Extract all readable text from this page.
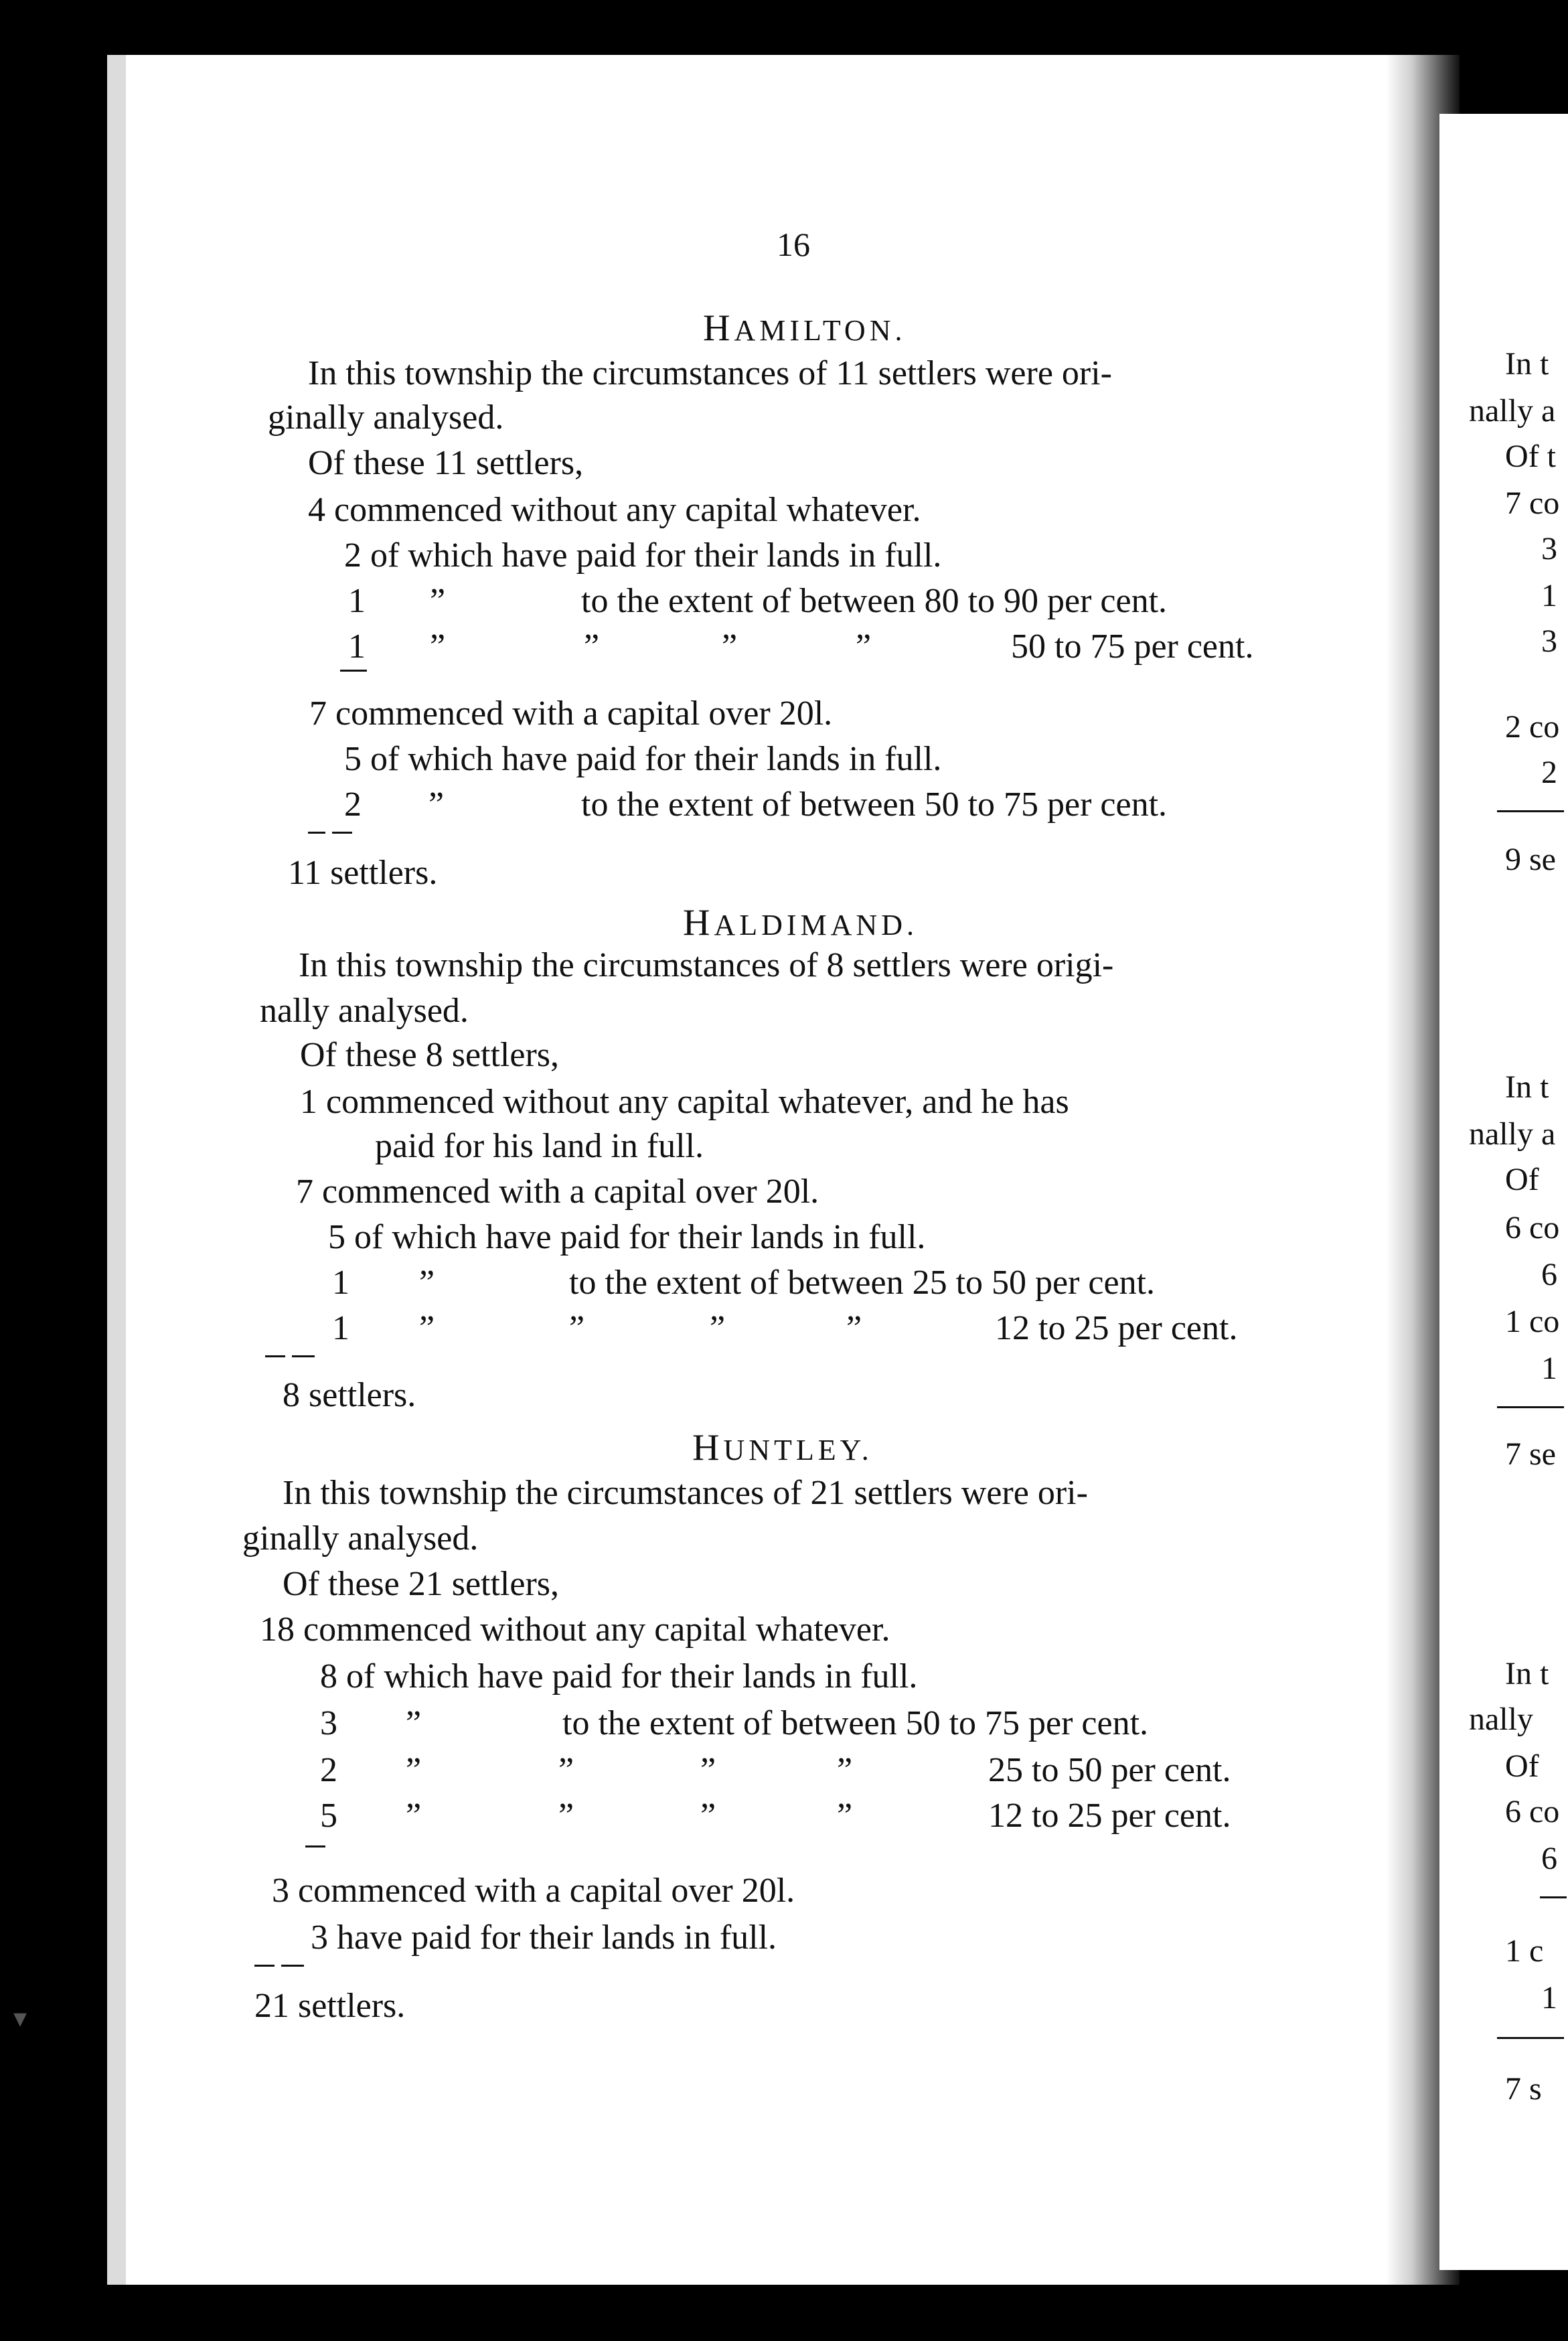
16
HAMILTON.
In this township the circumstances of 11 settlers were ori-
ginally analysed.
Of these 11 settlers,
4 commenced without any capital whatever.
2 of which have paid for their lands in full.
1 ”	to the extent of between 80 to 90 per cent.
1 ”	”	”	”	50 to 75 per cent.
7 commenced with a capital over 20l.
5 of which have paid for their lands in full.
2 ”	to the extent of between 50 to 75 per cent.
11 settlers.
HALDIMAND.
In this township the circumstances of 8 settlers were origi-
nally analysed.
Of these 8 settlers,
1 commenced without any capital whatever, and he has
paid for his land in full.
7 commenced with a capital over 20l.
5 of which have paid for their lands in full.
1 ”	to the extent of between 25 to 50 per cent.
1 ”	”	”	”	12 to 25 per cent.
8 settlers.
HUNTLEY.
In this township the circumstances of 21 settlers were ori-
ginally analysed.
Of these 21 settlers,
18 commenced without any capital whatever.
8 of which have paid for their lands in full.
3 ”	to the extent of between 50 to 75 per cent.
2 ”	”	”	”	25 to 50 per cent.
5 ”	”	”	”	12 to 25 per cent.
3 commenced with a capital over 20l.
3 have paid for their lands in full.
21 settlers.
In t
nally a
Of t
7 co
3
1
3
2 co
2
9 se
In t
nally a
Of
6 co
6
1 co
1
7 se
In t
nally
Of
6 co
6
1 c
1
7 s
▾
